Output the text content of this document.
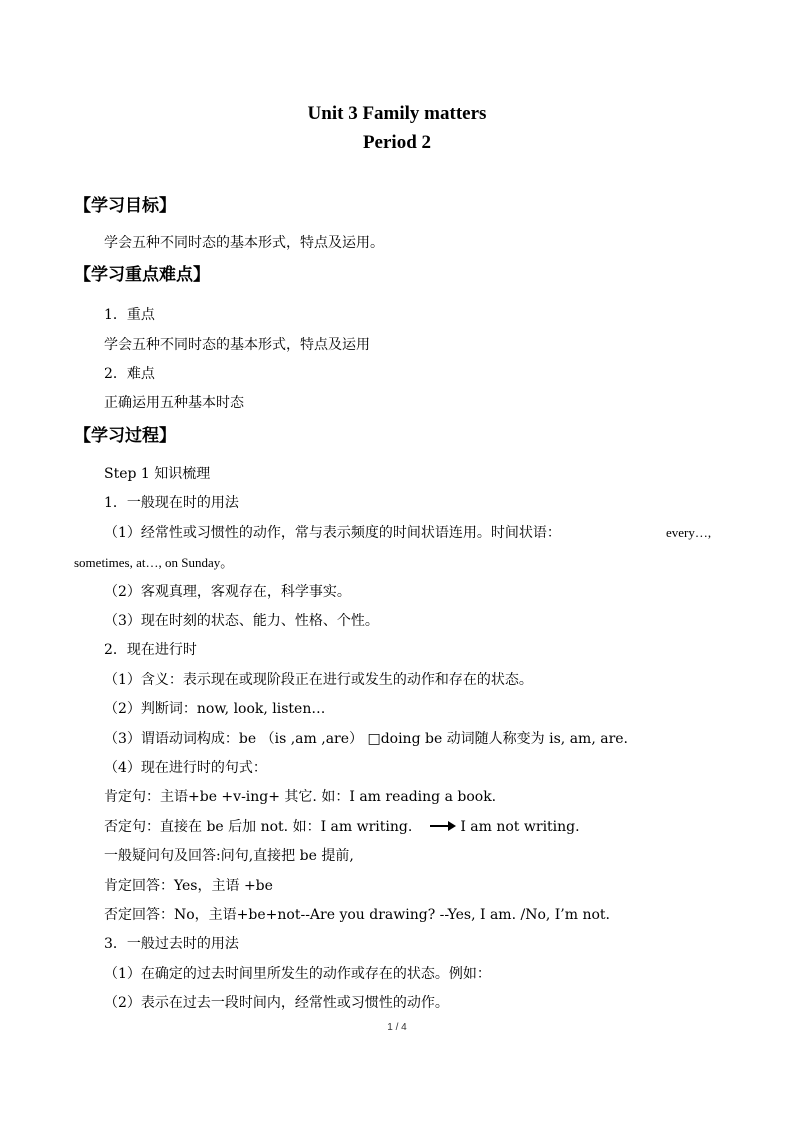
Unit 3 Family matters
Period 2
【学习目标】
学会五种不同时态的基本形式，特点及运用。
【学习重点难点】
1．重点
学会五种不同时态的基本形式，特点及运用
2．难点
正确运用五种基本时态
【学习过程】
Step 1 知识梳理
1．一般现在时的用法
（1）经常性或习惯性的动作，常与表示频度的时间状语连用。时间状语：	every…,
sometimes, at…, on Sunday。
（2）客观真理，客观存在，科学事实。
（3）现在时刻的状态、能力、性格、个性。
2．现在进行时
（1）含义：表示现在或现阶段正在进行或发生的动作和存在的状态。
（2）判断词：now, look, listen…
（3）谓语动词构成：be （is ,am ,are） □doing be 动词随人称变为 is, am, are.
（4）现在进行时的句式：
肯定句：主语+be +v-ing+ 其它. 如：I am reading a book.
否定句：直接在 be 后加 not. 如：I am writing.	I am not writing.
一般疑问句及回答:问句,直接把 be 提前,
肯定回答：Yes，主语 +be
否定回答：No，主语+be+not--Are you drawing? --Yes, I am. /No, I’m not.
3．一般过去时的用法
（1）在确定的过去时间里所发生的动作或存在的状态。例如：
（2）表示在过去一段时间内，经常性或习惯性的动作。
1 / 4
